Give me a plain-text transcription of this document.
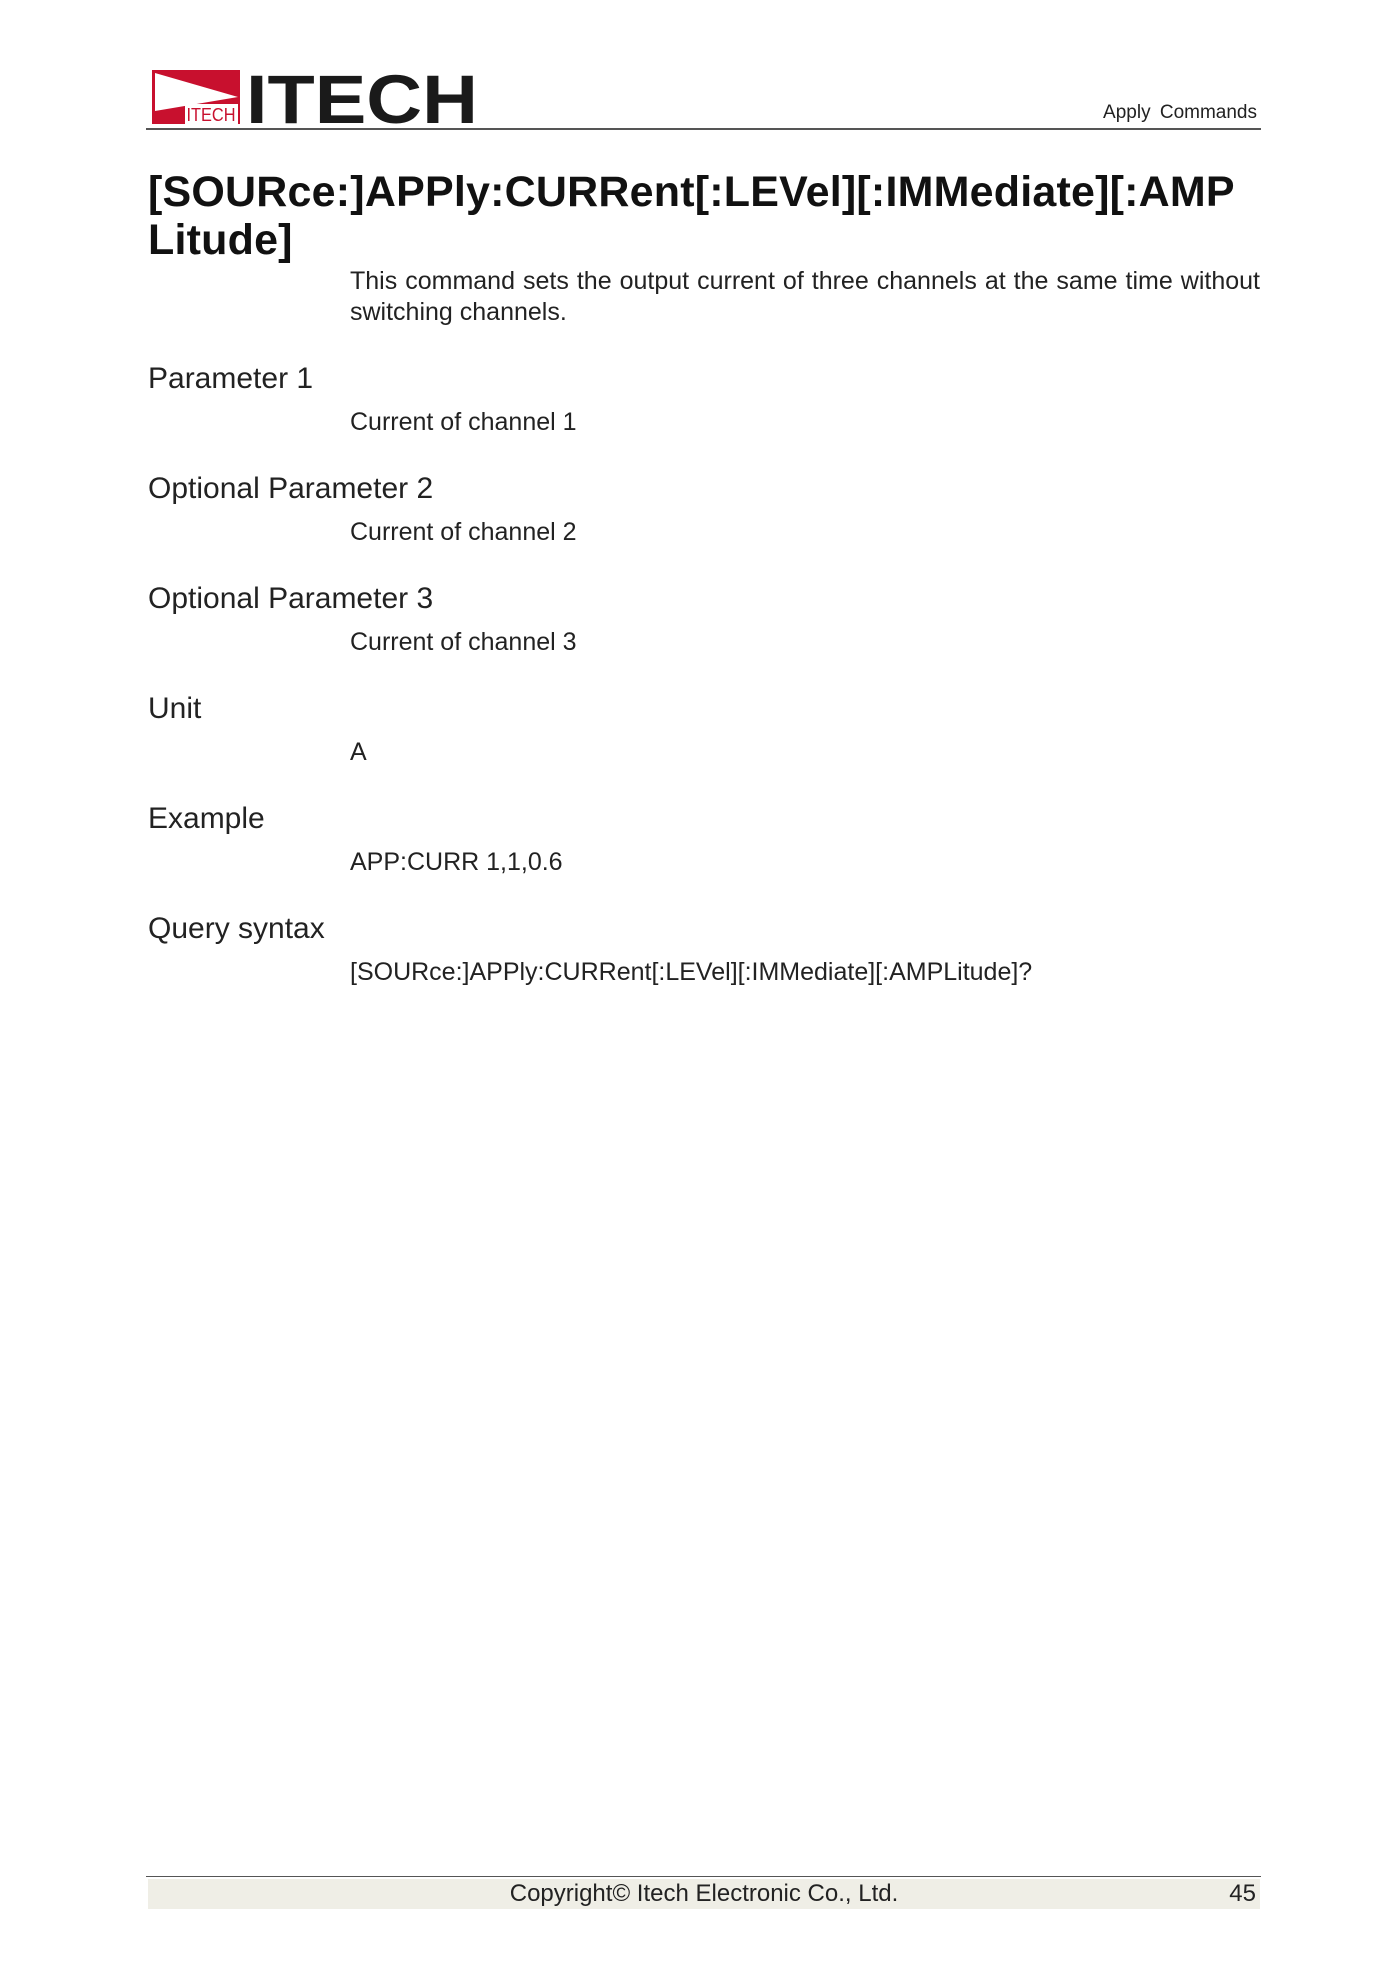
ITECH ITECH	Apply Commands
[SOURce:]APPly:CURRent[:LEVel][:IMMediate][:AMPLitude]
This command sets the output current of three channels at the same time without switching channels.
Parameter 1
Current of channel 1
Optional Parameter 2
Current of channel 2
Optional Parameter 3
Current of channel 3
Unit
A
Example
APP:CURR 1,1,0.6
Query syntax
[SOURce:]APPly:CURRent[:LEVel][:IMMediate][:AMPLitude]?
Copyright© Itech Electronic Co., Ltd.	45
